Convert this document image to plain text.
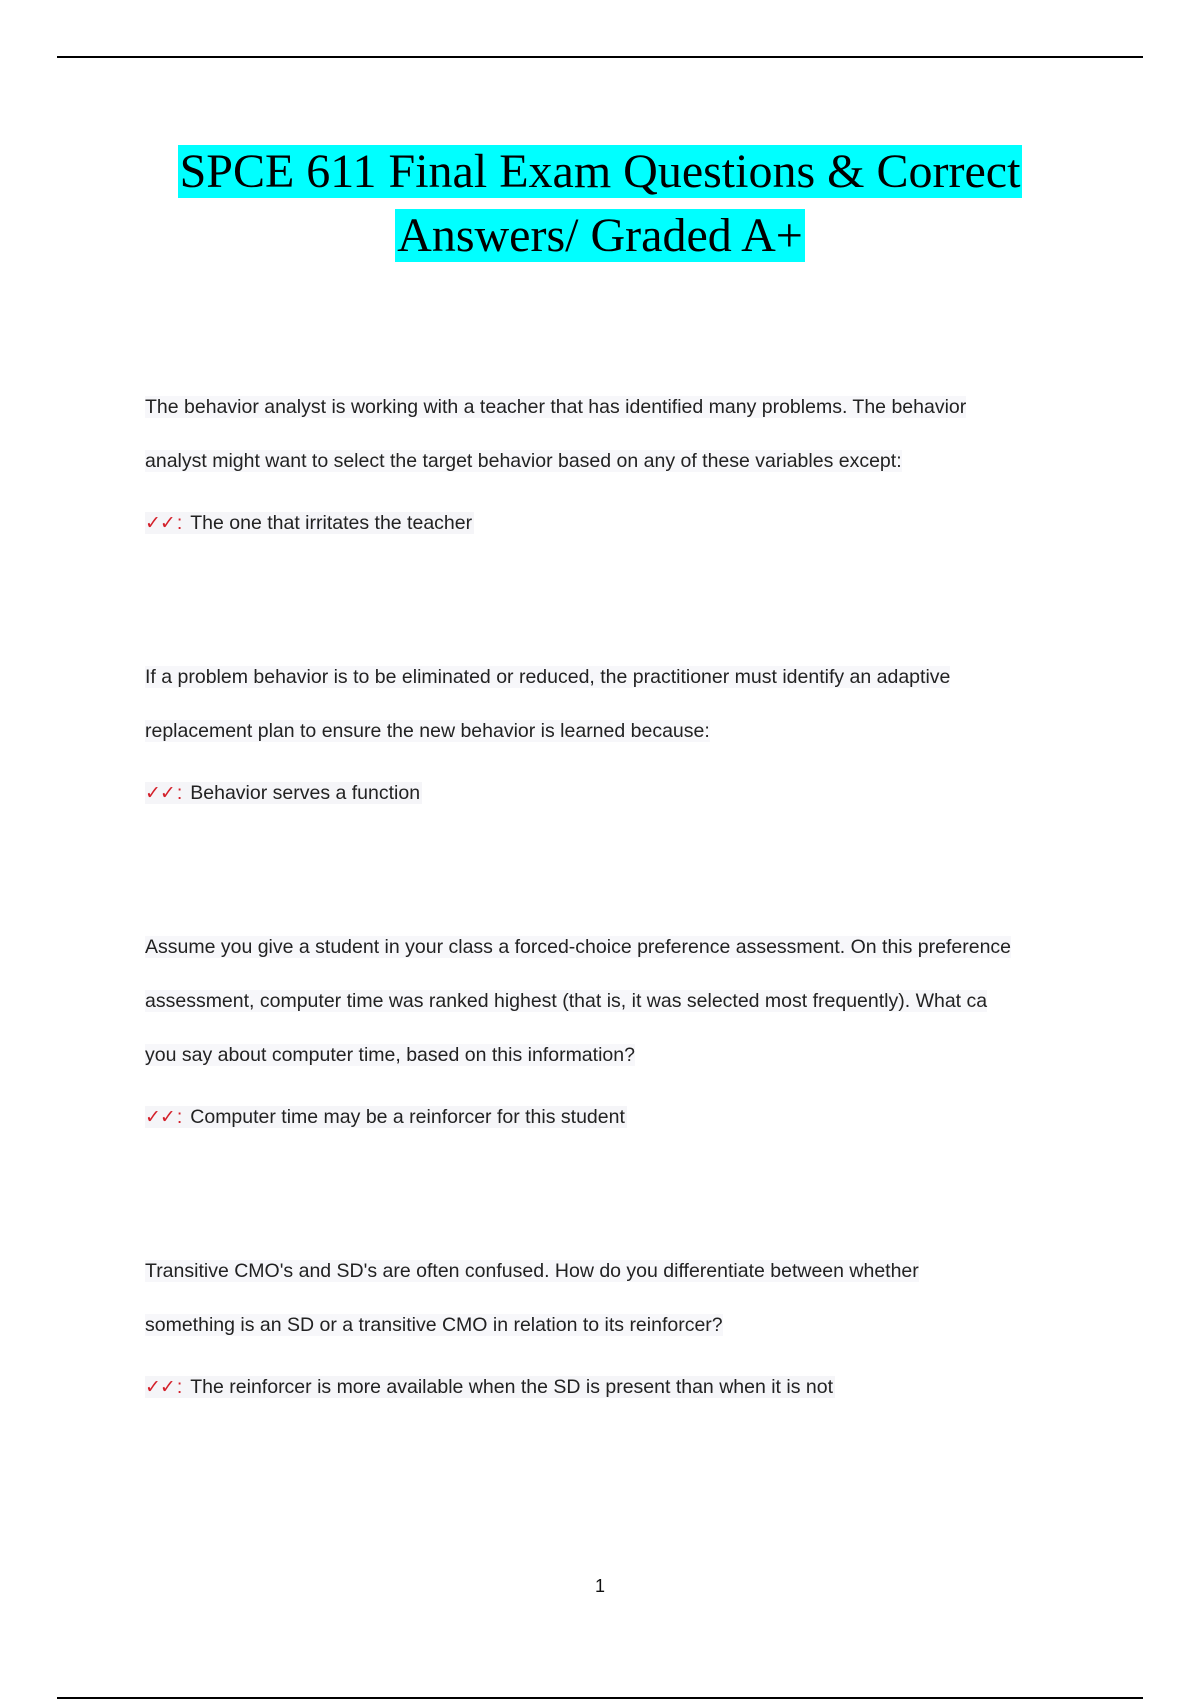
SPCE 611 Final Exam Questions & Correct
Answers/ Graded A+
The behavior analyst is working with a teacher that has identified many problems. The behavior
analyst might want to select the target behavior based on any of these variables except:
✓✓ : The one that irritates the teacher
If a problem behavior is to be eliminated or reduced, the practitioner must identify an adaptive
replacement plan to ensure the new behavior is learned because:
✓✓ : Behavior serves a function
Assume you give a student in your class a forced-choice preference assessment. On this preference
assessment, computer time was ranked highest (that is, it was selected most frequently). What ca
you say about computer time, based on this information?
✓✓ : Computer time may be a reinforcer for this student
Transitive CMO's and SD's are often confused. How do you differentiate between whether
something is an SD or a transitive CMO in relation to its reinforcer?
✓✓ : The reinforcer is more available when the SD is present than when it is not
1
